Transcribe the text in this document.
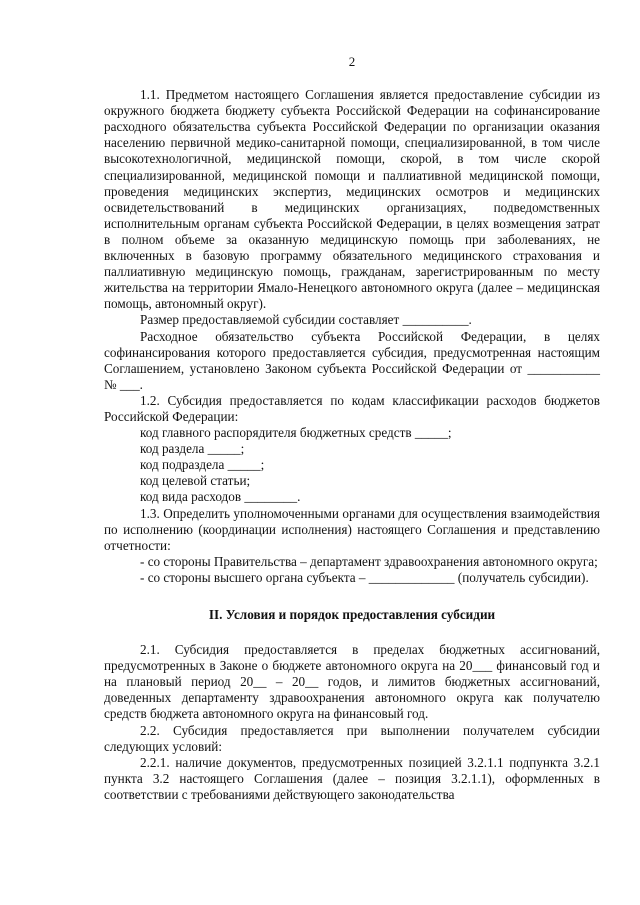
2

1.1. Предметом настоящего Соглашения является предоставление субсидии из окружного бюджета бюджету субъекта Российской Федерации на софинансирование расходного обязательства субъекта Российской Федерации по организации оказания населению первичной медико-санитарной помощи, специализированной, в том числе высокотехнологичной, медицинской помощи, скорой, в том числе скорой специализированной, медицинской помощи и паллиативной медицинской помощи, проведения медицинских экспертиз, медицинских осмотров и медицинских освидетельствований в медицинских организациях, подведомственных исполнительным органам субъекта Российской Федерации, в целях возмещения затрат в полном объеме за оказанную медицинскую помощь при заболеваниях, не включенных в базовую программу обязательного медицинского страхования и паллиативную медицинскую помощь, гражданам, зарегистрированным по месту жительства на территории Ямало-Ненецкого автономного округа (далее – медицинская помощь, автономный округ).

Размер предоставляемой субсидии составляет __________.

Расходное обязательство субъекта Российской Федерации, в целях софинансирования которого предоставляется субсидия, предусмотренная настоящим Соглашением, установлено Законом субъекта Российской Федерации от ___________ № ___.

1.2. Субсидия предоставляется по кодам классификации расходов бюджетов Российской Федерации:

код главного распорядителя бюджетных средств _____;

код раздела _____;

код подраздела _____;

код целевой статьи;

код вида расходов ________.

1.3. Определить уполномоченными органами для осуществления взаимодействия по исполнению (координации исполнения) настоящего Соглашения и представлению отчетности:

- со стороны Правительства – департамент здравоохранения автономного округа;

- со стороны высшего органа субъекта – _____________ (получатель субсидии).

II. Условия и порядок предоставления субсидии

2.1. Субсидия предоставляется в пределах бюджетных ассигнований, предусмотренных в Законе о бюджете автономного округа на 20___ финансовый год и на плановый период 20__ – 20__ годов, и лимитов бюджетных ассигнований, доведенных департаменту здравоохранения автономного округа как получателю средств бюджета автономного округа на финансовый год.

2.2. Субсидия предоставляется при выполнении получателем субсидии следующих условий:

2.2.1. наличие документов, предусмотренных позицией 3.2.1.1 подпункта 3.2.1 пункта 3.2 настоящего Соглашения (далее – позиция 3.2.1.1), оформленных в соответствии с требованиями действующего законодательства
